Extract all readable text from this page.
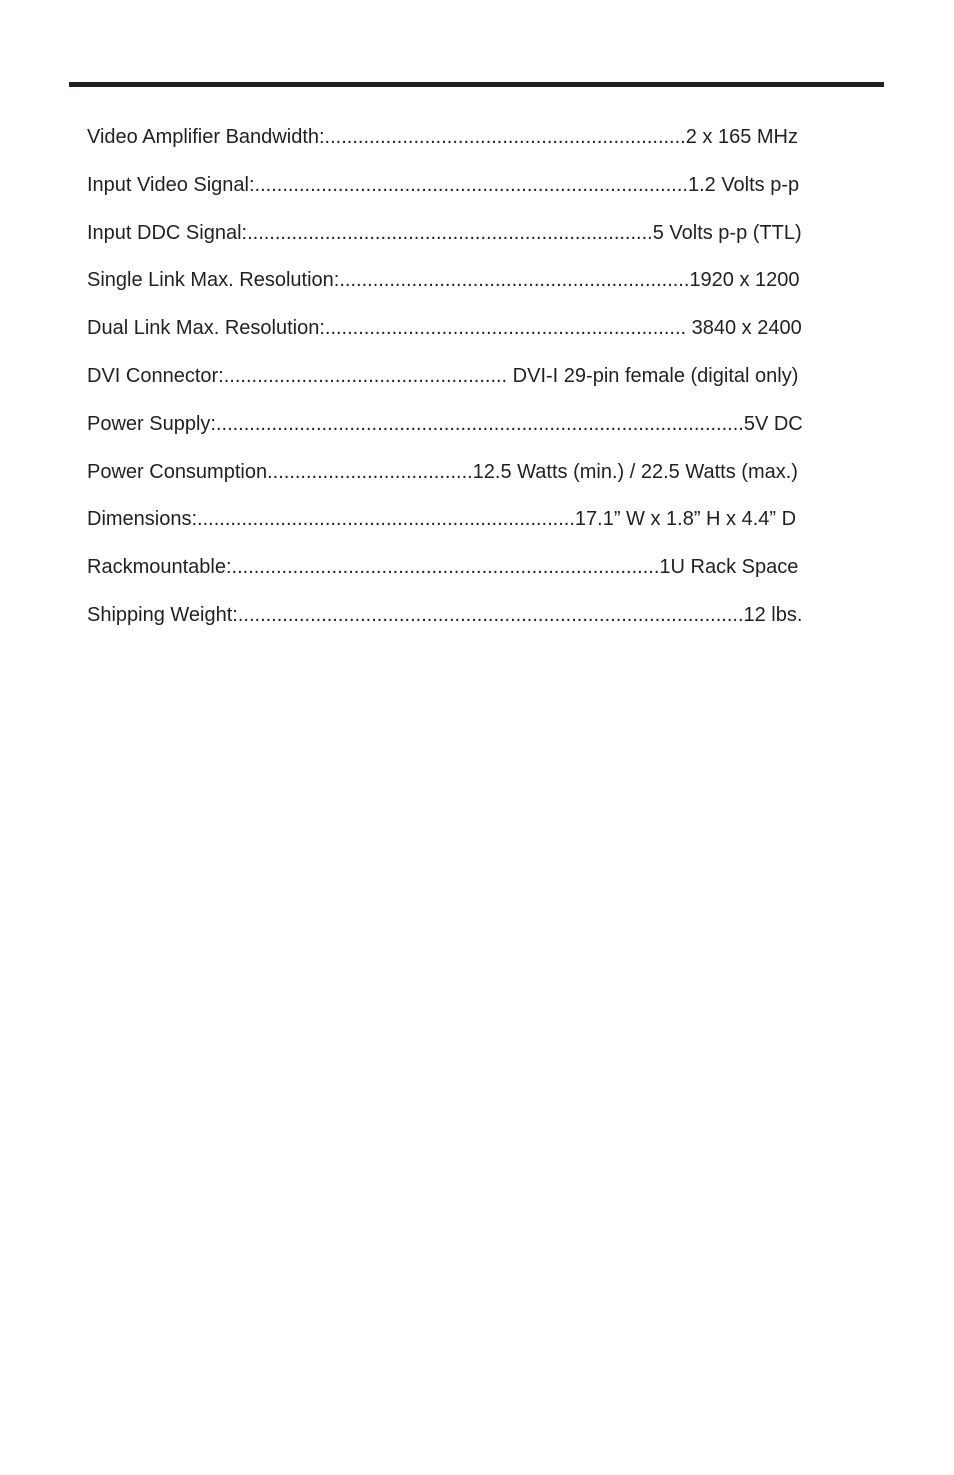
Video Amplifier Bandwidth:.................................................................2 x 165 MHz
Input Video Signal:..............................................................................1.2 Volts p-p
Input DDC Signal:.........................................................................5 Volts p-p (TTL)
Single Link Max. Resolution:...............................................................1920 x 1200
Dual Link Max. Resolution:................................................................. 3840 x 2400
DVI Connector:................................................... DVI-I 29-pin female (digital only)
Power Supply:...............................................................................................5V DC
Power Consumption.....................................12.5 Watts (min.) / 22.5 Watts (max.)
Dimensions:....................................................................17.1” W x 1.8” H x 4.4” D
Rackmountable:.............................................................................1U Rack Space
Shipping Weight:...........................................................................................12 lbs.
